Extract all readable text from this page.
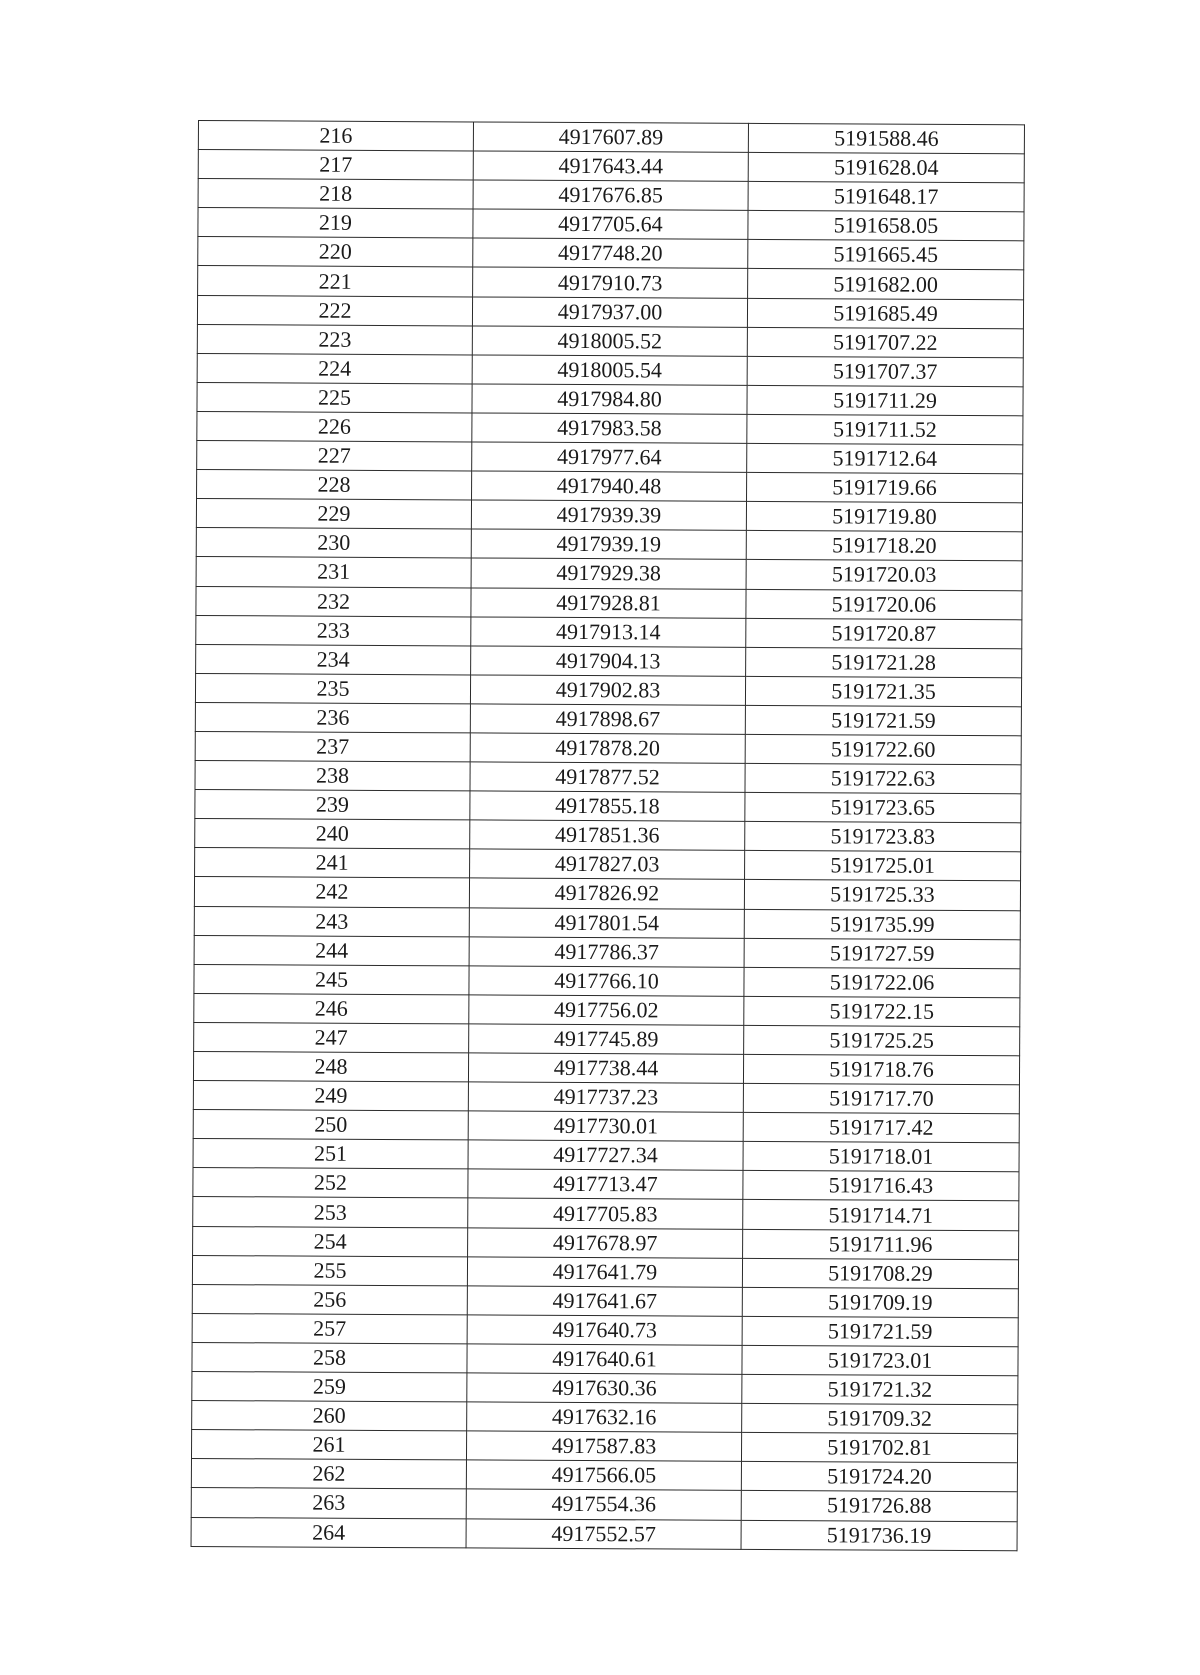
216	4917607.89	5191588.46
217	4917643.44	5191628.04
218	4917676.85	5191648.17
219	4917705.64	5191658.05
220	4917748.20	5191665.45
221	4917910.73	5191682.00
222	4917937.00	5191685.49
223	4918005.52	5191707.22
224	4918005.54	5191707.37
225	4917984.80	5191711.29
226	4917983.58	5191711.52
227	4917977.64	5191712.64
228	4917940.48	5191719.66
229	4917939.39	5191719.80
230	4917939.19	5191718.20
231	4917929.38	5191720.03
232	4917928.81	5191720.06
233	4917913.14	5191720.87
234	4917904.13	5191721.28
235	4917902.83	5191721.35
236	4917898.67	5191721.59
237	4917878.20	5191722.60
238	4917877.52	5191722.63
239	4917855.18	5191723.65
240	4917851.36	5191723.83
241	4917827.03	5191725.01
242	4917826.92	5191725.33
243	4917801.54	5191735.99
244	4917786.37	5191727.59
245	4917766.10	5191722.06
246	4917756.02	5191722.15
247	4917745.89	5191725.25
248	4917738.44	5191718.76
249	4917737.23	5191717.70
250	4917730.01	5191717.42
251	4917727.34	5191718.01
252	4917713.47	5191716.43
253	4917705.83	5191714.71
254	4917678.97	5191711.96
255	4917641.79	5191708.29
256	4917641.67	5191709.19
257	4917640.73	5191721.59
258	4917640.61	5191723.01
259	4917630.36	5191721.32
260	4917632.16	5191709.32
261	4917587.83	5191702.81
262	4917566.05	5191724.20
263	4917554.36	5191726.88
264	4917552.57	5191736.19
